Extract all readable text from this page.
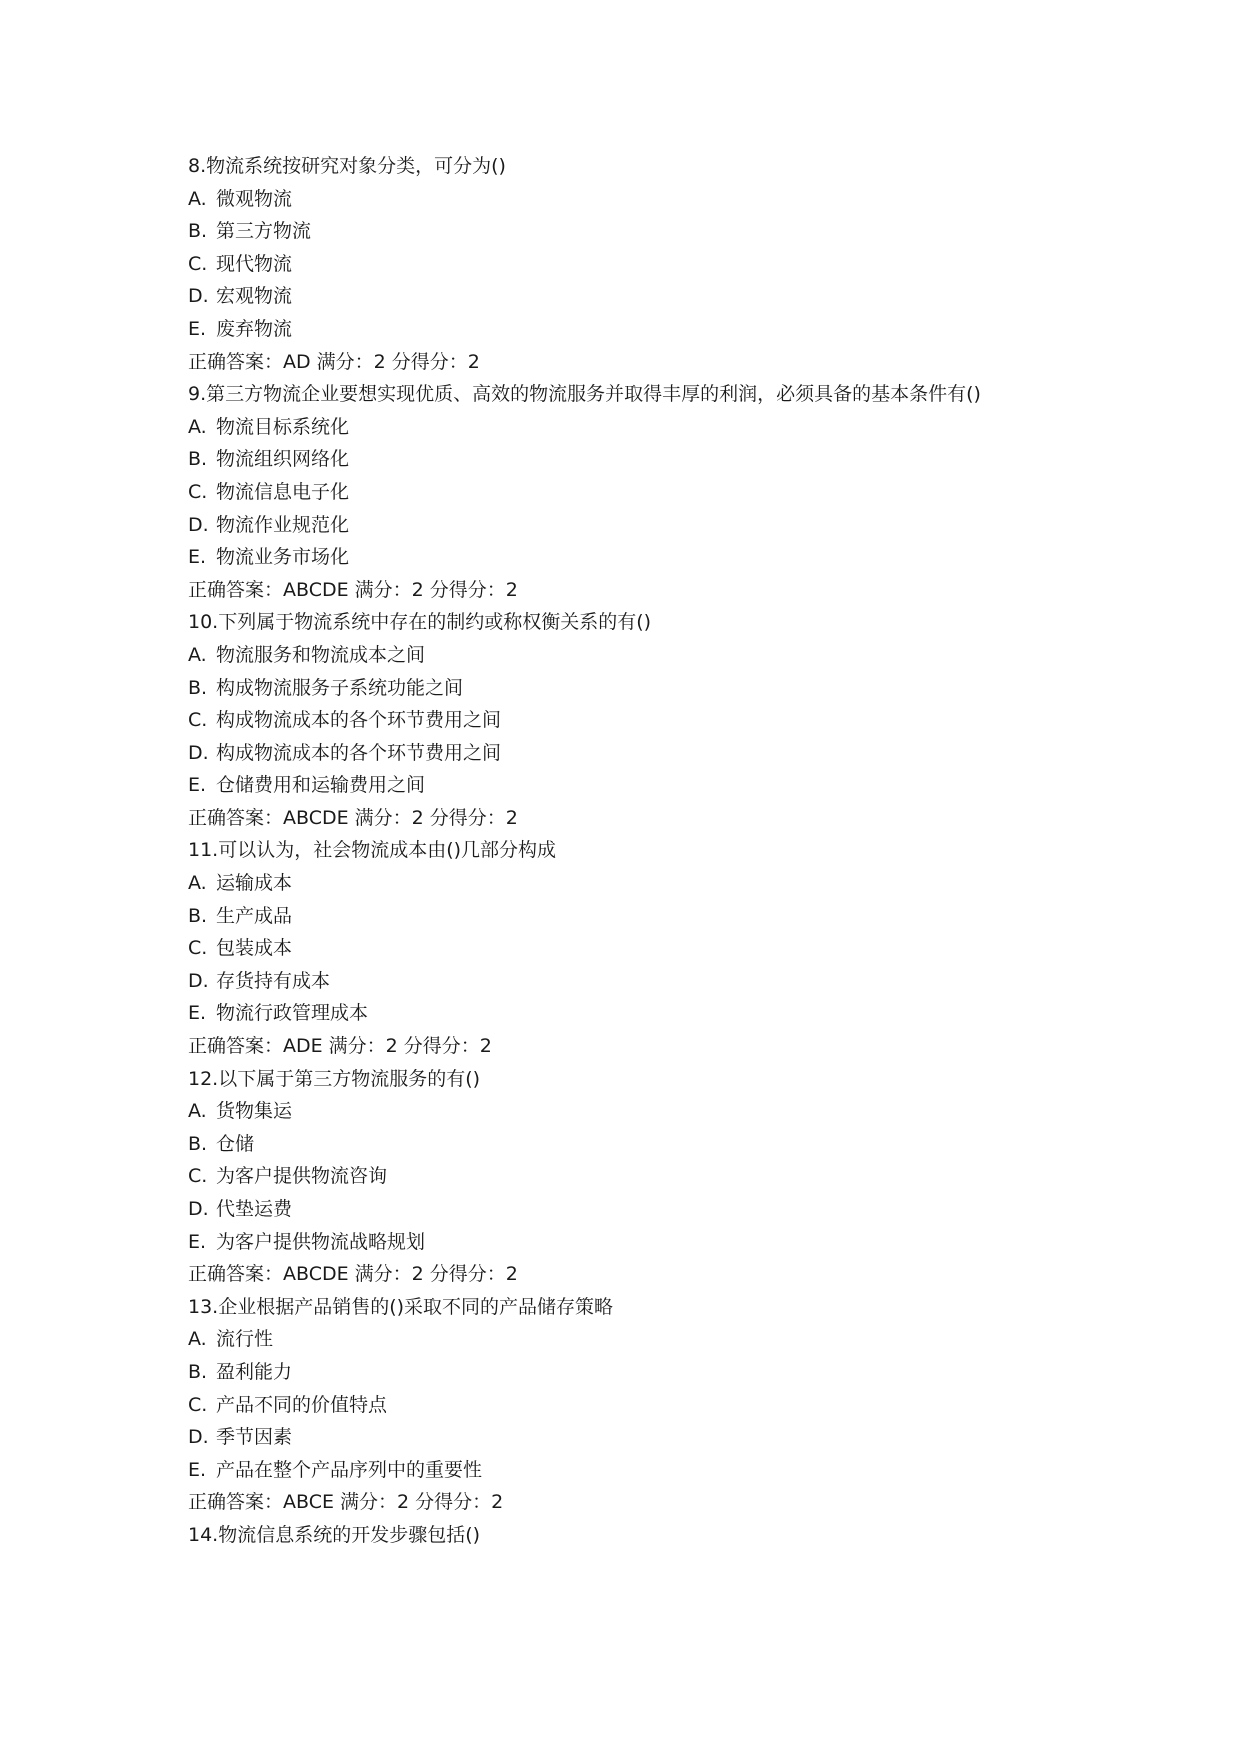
8.物流系统按研究对象分类，可分为()
A. 微观物流
B. 第三方物流
C. 现代物流
D. 宏观物流
E. 废弃物流
正确答案：AD 满分：2 分得分：2
9.第三方物流企业要想实现优质、高效的物流服务并取得丰厚的利润，必须具备的基本条件有()
A. 物流目标系统化
B. 物流组织网络化
C. 物流信息电子化
D. 物流作业规范化
E. 物流业务市场化
正确答案：ABCDE 满分：2 分得分：2
10.下列属于物流系统中存在的制约或称权衡关系的有()
A. 物流服务和物流成本之间
B. 构成物流服务子系统功能之间
C. 构成物流成本的各个环节费用之间
D. 构成物流成本的各个环节费用之间
E. 仓储费用和运输费用之间
正确答案：ABCDE 满分：2 分得分：2
11.可以认为，社会物流成本由()几部分构成
A. 运输成本
B. 生产成品
C. 包装成本
D. 存货持有成本
E. 物流行政管理成本
正确答案：ADE 满分：2 分得分：2
12.以下属于第三方物流服务的有()
A. 货物集运
B. 仓储
C. 为客户提供物流咨询
D. 代垫运费
E. 为客户提供物流战略规划
正确答案：ABCDE 满分：2 分得分：2
13.企业根据产品销售的()采取不同的产品储存策略
A. 流行性
B. 盈利能力
C. 产品不同的价值特点
D. 季节因素
E. 产品在整个产品序列中的重要性
正确答案：ABCE 满分：2 分得分：2
14.物流信息系统的开发步骤包括()
